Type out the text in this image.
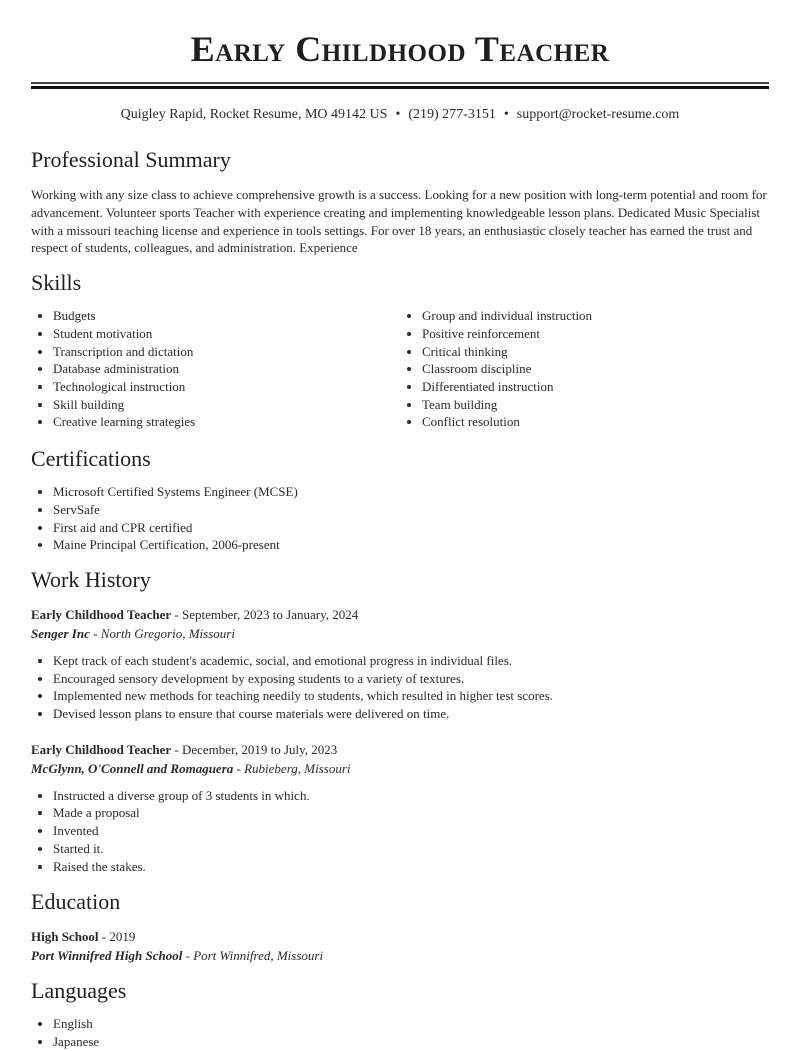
Early Childhood Teacher
Quigley Rapid, Rocket Resume, MO 49142 US • (219) 277-3151 • support@rocket-resume.com
Professional Summary

Working with any size class to achieve comprehensive growth is a success. Looking for a new position with long-term potential and room for advancement. Volunteer sports Teacher with experience creating and implementing knowledgeable lesson plans. Dedicated Music Specialist with a missouri teaching license and experience in tools settings. For over 18 years, an enthusiastic closely teacher has earned the trust and respect of students, colleagues, and administration. Experience

Skills
• Budgets
• Student motivation
• Transcription and dictation
• Database administration
• Technological instruction
• Skill building
• Creative learning strategies
• Group and individual instruction
• Positive reinforcement
• Critical thinking
• Classroom discipline
• Differentiated instruction
• Team building
• Conflict resolution
Certifications
• Microsoft Certified Systems Engineer (MCSE)
• ServSafe
• First aid and CPR certified
• Maine Principal Certification, 2006-present
Work History
Early Childhood Teacher - September, 2023 to January, 2024
Senger Inc - North Gregorio, Missouri
• Kept track of each student's academic, social, and emotional progress in individual files.
• Encouraged sensory development by exposing students to a variety of textures.
• Implemented new methods for teaching needily to students, which resulted in higher test scores.
• Devised lesson plans to ensure that course materials were delivered on time.
Early Childhood Teacher - December, 2019 to July, 2023
McGlynn, O'Connell and Romaguera - Rubieberg, Missouri
• Instructed a diverse group of 3 students in which.
• Made a proposal
• Invented
• Started it.
• Raised the stakes.
Education
High School - 2019
Port Winnifred High School - Port Winnifred, Missouri
Languages
• English
• Japanese
